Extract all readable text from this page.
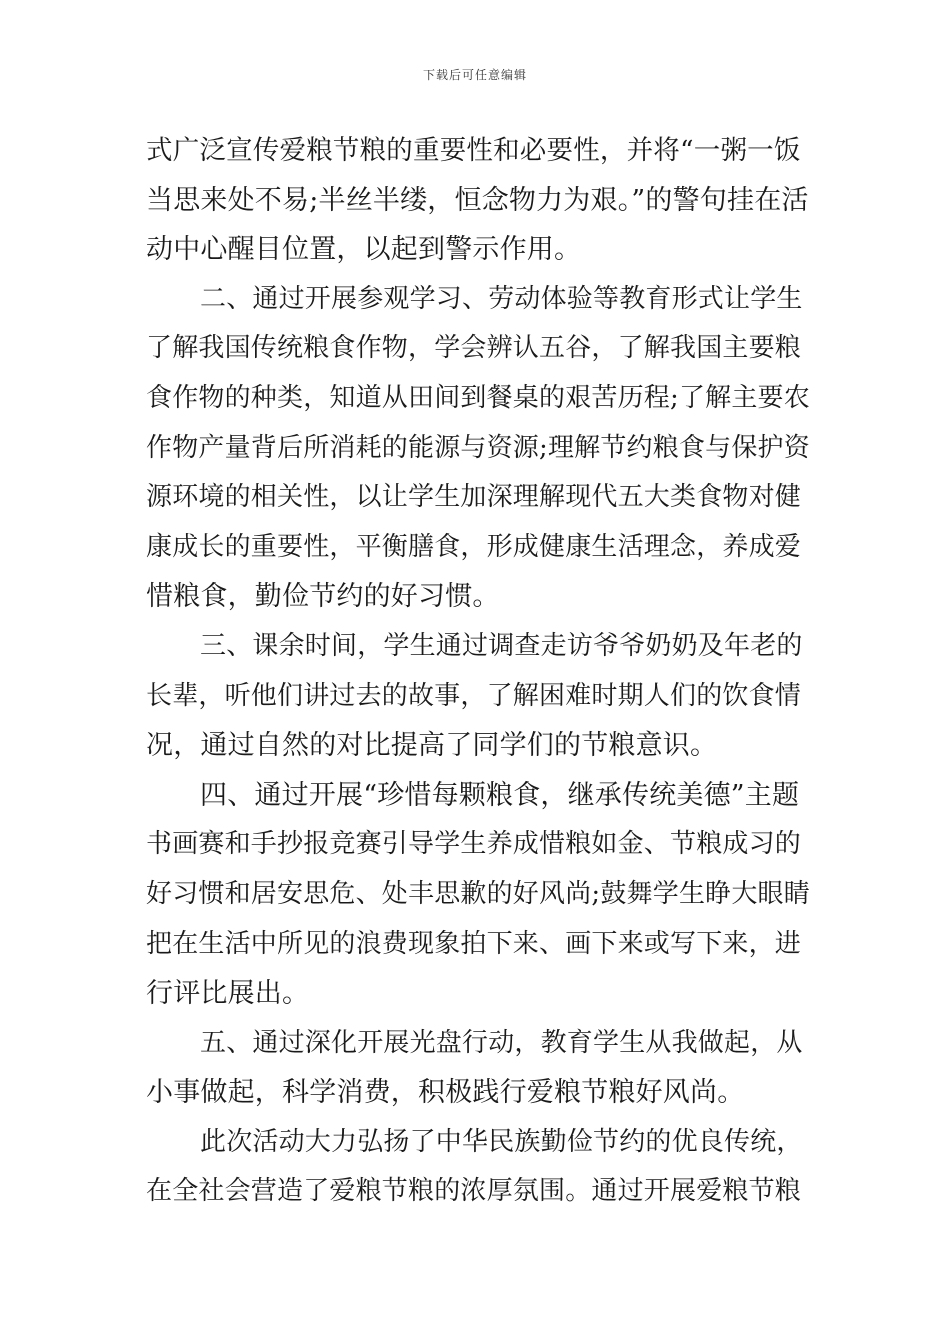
下载后可任意编辑
式广泛宣传爱粮节粮的重要性和必要性，并将“一粥一饭
当思来处不易;半丝半缕，恒念物力为艰。”的警句挂在活
动中心醒目位置，以起到警示作用。
二、通过开展参观学习、劳动体验等教育形式让学生
了解我国传统粮食作物，学会辨认五谷，了解我国主要粮
食作物的种类，知道从田间到餐桌的艰苦历程;了解主要农
作物产量背后所消耗的能源与资源;理解节约粮食与保护资
源环境的相关性，以让学生加深理解现代五大类食物对健
康成长的重要性，平衡膳食，形成健康生活理念，养成爱
惜粮食，勤俭节约的好习惯。
三、课余时间，学生通过调查走访爷爷奶奶及年老的
长辈，听他们讲过去的故事，了解困难时期人们的饮食情
况，通过自然的对比提高了同学们的节粮意识。
四、通过开展“珍惜每颗粮食，继承传统美德”主题
书画赛和手抄报竞赛引导学生养成惜粮如金、节粮成习的
好习惯和居安思危、处丰思歉的好风尚;鼓舞学生睁大眼睛
把在生活中所见的浪费现象拍下来、画下来或写下来，进
行评比展出。
五、通过深化开展光盘行动，教育学生从我做起，从
小事做起，科学消费，积极践行爱粮节粮好风尚。
此次活动大力弘扬了中华民族勤俭节约的优良传统，
在全社会营造了爱粮节粮的浓厚氛围。通过开展爱粮节粮
